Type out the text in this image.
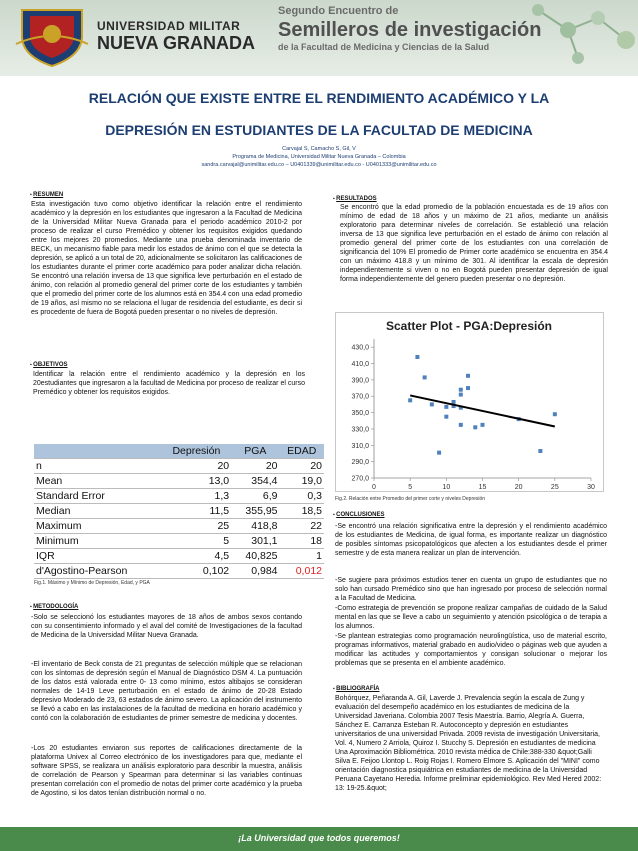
UNIVERSIDAD MILITAR
NUEVA GRANADA
Segundo Encuentro de
Semilleros de investigación
de la Facultad de Medicina y Ciencias de la Salud
RELACIÓN QUE EXISTE ENTRE EL RENDIMIENTO ACADÉMICO Y LA
DEPRESIÓN EN ESTUDIANTES DE LA FACULTAD DE MEDICINA
Carvajal S, Camacho S, Gil, V
Programa de Medicina, Universidad Militar Nueva Granada – Colombia
sandra.carvajal@unimilitar.edu.co – U0401339@unimilitar.edu.co - U0401333@unimilitar.edu.co
▪ RESUMEN

Esta investigación tuvo como objetivo identificar la relación entre el rendimiento académico y la depresión en los estudiantes que ingresaron a la Facultad de Medicina de la Universidad Militar Nueva Granada para el periodo académico 2010-2 por proceso de realizar el curso Premédico y obtener los requisitos exigidos quedando entre los mejores 20 promedios. Mediante una prueba denominada inventario de BECK, un mecanismo fiable para medir los estados de ánimo con el que se detecta la depresión, se aplicó a un total de 20, adicionalmente se solicitaron las calificaciones de los estudiantes durante el primer corte académico para poder analizar dicha relación. Se encontró una relación inversa de 13 que significa leve perturbación en el estado de ánimo, con relación al promedio general del primer corte de los estudiantes y también que el promedio del primer corte de los alumnos está en 354.4 con una edad promedio de 19 años, así mismo no se relaciona el lugar de residencia del estudiante, es decir si es procedente de fuera de Bogotá pueden presentar o no niveles de depresión.

▪ OBJETIVOS

Identificar la relación entre el rendimiento académico y la depresión en los 20estudiantes que ingresaron a la facultad de Medicina por proceso de realizar el curso Premédico y obtener los requisitos exigidos.

	Depresión	PGA	EDAD
n	20	20	20
Mean	13,0	354,4	19,0
Standard Error	1,3	6,9	0,3
Median	11,5	355,95	18,5
Maximum	25	418,8	22
Minimum	5	301,1	18
IQR	4,5	40,825	1
d'Agostino-Pearson	0,102	0,984	0,012
Fig.1. Máximo y Mínimo de Depresión, Edad, y PGA
▪ METODOLOGÍA

-Solo se seleccionó los estudiantes mayores de 18 años de ambos sexos contando con su consentimiento informado y el aval del comité de Investigaciones de la facultad de Medicina de la Universidad Militar Nueva Granada.

-El inventario de Beck consta de 21 preguntas de selección múltiple que se relacionan con los síntomas de depresión según el Manual de Diagnóstico DSM 4. La puntuación de los datos está valorada entre 0- 13 como mínimo, estos altibajos se consideran normales de 14-19 Leve perturbación en el estado de ánimo de 20-28 Estado depresivo Moderado de 23, 63 estados de ánimo severo. La aplicación del instrumento se llevó a cabo en las instalaciones de la facultad de medicina en horario académico y contó con la colaboración de estudiantes de primer semestre de medicina y docentes.

-Los 20 estudiantes enviaron sus reportes de calificaciones directamente de la plataforma Univex al Correo electrónico de los investigadores para que, mediante el software SPSS, se realizara un análisis exploratorio para describir la muestra, análisis de correlación de Pearson y Spearman para determinar si las variables continuas presentan correlación con el promedio de notas del primer corte académico y la prueba de Agostino, si los datos tenían distribución normal o no.

▪ RESULTADOS

Se encontró que la edad promedio de la población encuestada es de 19 años con mínimo de edad de 18 años y un máximo de 21 años, mediante un análisis exploratorio para determinar niveles de correlación. Se estableció una relación inversa de 13 que significa leve perturbación en el estado de ánimo con relación al promedio general del primer corte de los estudiantes con una correlación de significancia del 10% El promedio de Primer corte académico se encuentra en 354.4 con un máximo 418.8 y un mínimo de 301. Al identificar la escala de depresión independientemente si viven o no en Bogotá pueden presentar depresión de igual forma independientemente del genero pueden presentar o no depresión.

Scatter Plot - PGA:Depresión
270,0
290,0
310,0
330,0
350,0
370,0
390,0
410,0
430,0
0	5	10	15	20	25	30
Fig.2. Relación entre Promedio del primer corte y niveles Depresión
▪ CONCLUSIONES

-Se encontró una relación significativa entre la depresión y el rendimiento académico de los estudiantes de Medicina, de igual forma, es importante realizar un diagnóstico de posibles síntomas psicopatológicos que afecten a los estudiantes desde el primer semestre y de esta manera realizar un plan de intervención.

-Se sugiere para próximos estudios tener en cuenta un grupo de estudiantes que no solo han cursado Premédico sino que han ingresado por proceso de selección normal a la Facultad de Medicina.

-Como estrategia de prevención se propone realizar campañas de cuidado de la Salud mental en las que se lleve a cabo un seguimiento y atención psicológica o de terapia a los alumnos.

-Se plantean estrategias como programación neurolingüística, uso de material escrito, programas informativos, material grabado en audio/video o páginas web que ayuden a modificar las actitudes y comportamientos y consigan solucionar o mejorar los problemas que se presenta en el ambiente académico.

▪ BIBLIOGRAFÍA

Bohórquez, Peñaranda A. Gil, Laverde J. Prevalencia según la escala de Zung y evaluación del desempeño académico en los estudiantes de medicina de la Universidad Javeriana. Colombia 2007 Tesis Maestría. Barrio, Alegría A. Guerra, Sánchez E. Carranza Esteban R. Autoconcepto y depresión en estudiantes universitarios de una universidad Privada. 2009 revista de investigación Universitaria, Vol. 4, Numero 2 Arriola, Quiroz I. Stucchy S. Depresión en estudiantes de medicina Una Aproximación Bibliométrica. 2010 revista médica de Chile:388-330 &quot;Galli Silva E. Feijoo Llontop L. Roig Rojas I. Romero Elmore S. Aplicación del "MINI" como orientación diagnostica psiquiátrica en estudiantes de medicina de la Universidad Peruana Cayetano Heredia. Informe preliminar epidemiológico. Rev Med Hered 2002: 13: 19-25.&quot;

¡La Universidad que todos queremos!
